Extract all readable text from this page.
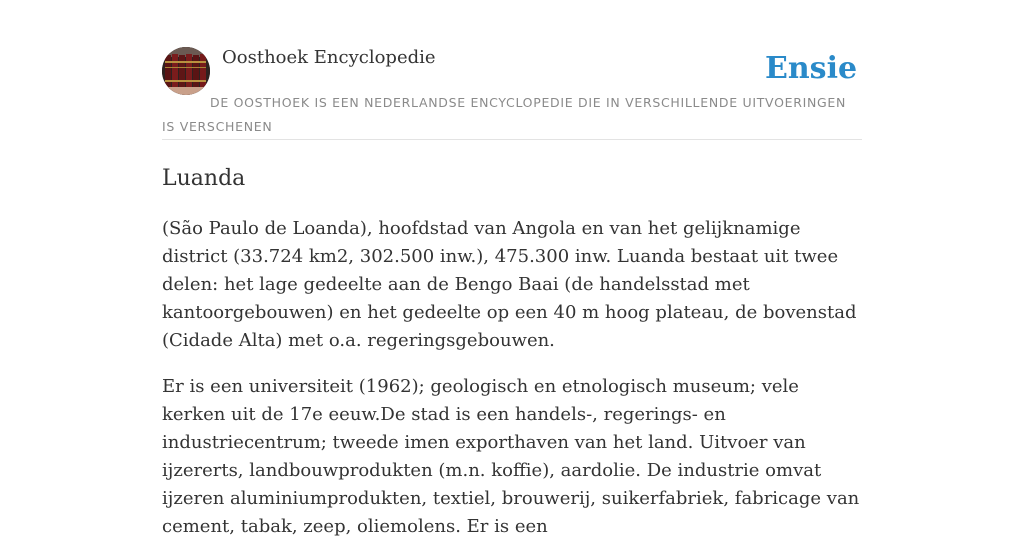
Oosthoek Encyclopedie	Ensie
DE OOSTHOEK IS EEN NEDERLANDSE ENCYCLOPEDIE DIE IN VERSCHILLENDE UITVOERINGEN IS VERSCHENEN
Luanda

(São Paulo de Loanda), hoofdstad van Angola en van het gelijknamige district (33.724 km2, 302.500 inw.), 475.300 inw. Luanda bestaat uit twee delen: het lage gedeelte aan de Bengo Baai (de handelsstad met kantoorgebouwen) en het gedeelte op een 40 m hoog plateau, de bovenstad (Cidade Alta) met o.a. regeringsgebouwen.

Er is een universiteit (1962); geologisch en etnologisch museum; vele kerken uit de 17e eeuw.De stad is een handels-, regerings- en industriecentrum; tweede imen exporthaven van het land. Uitvoer van ijzererts, landbouwprodukten (m.n. koffie), aardolie. De industrie omvat ijzeren aluminiumprodukten, textiel, brouwerij, suikerfabriek, fabricage van cement, tabak, zeep, oliemolens. Er is een
